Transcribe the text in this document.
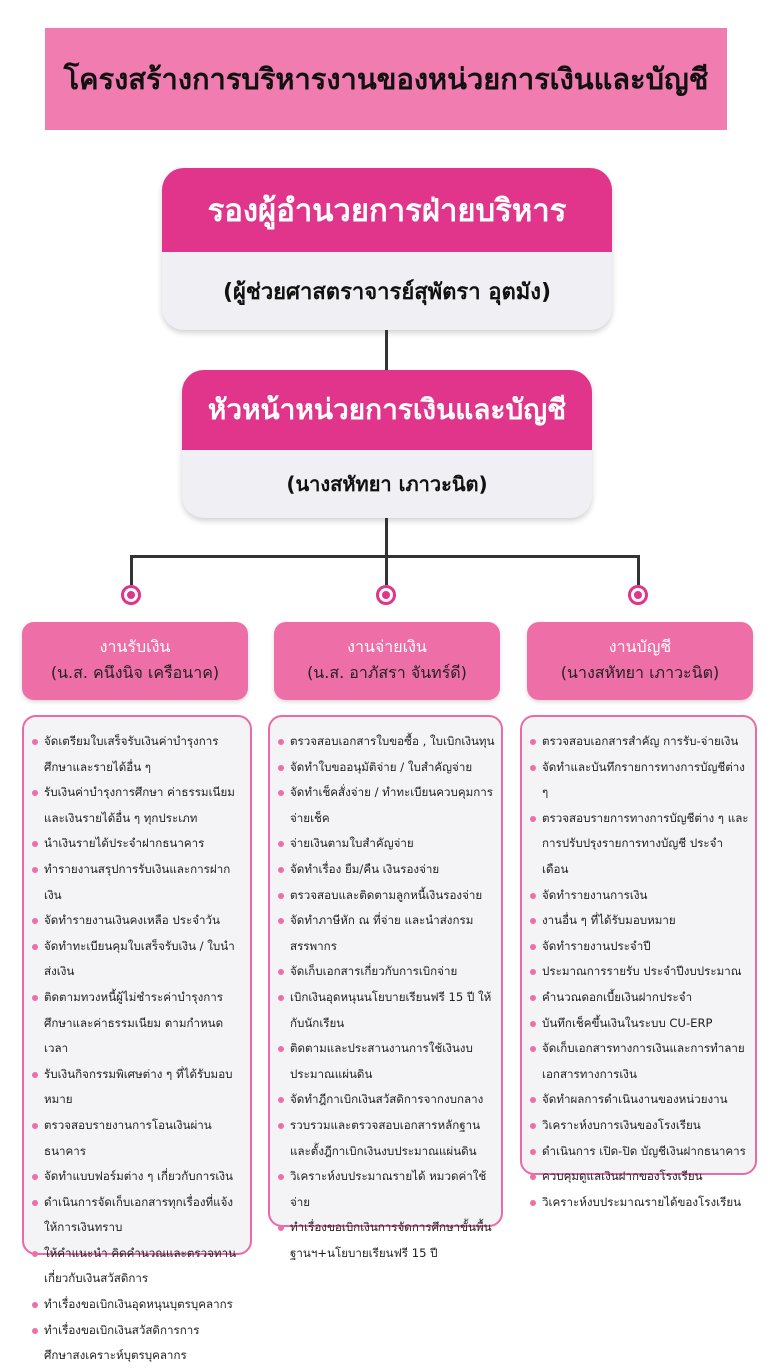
โครงสร้างการบริหารงานของหน่วยการเงินและบัญชี
รองผู้อำนวยการฝ่ายบริหาร
(ผู้ช่วยศาสตราจารย์สุพัตรา อุตมัง)
หัวหน้าหน่วยการเงินและบัญชี
(นางสหัทยา เภาวะนิต)
งานรับเงิน
(น.ส. คนึงนิจ เครือนาค)
งานจ่ายเงิน
(น.ส. อาภัสรา จันทร์ดี)
งานบัญชี
(นางสหัทยา เภาวะนิต)
จัดเตรียมใบเสร็จรับเงินค่าบำรุงการศึกษาและรายได้อื่น ๆ
รับเงินค่าบำรุงการศึกษา ค่าธรรมเนียมและเงินรายได้อื่น ๆ ทุกประเภท
นำเงินรายได้ประจำฝากธนาคาร
ทำรายงานสรุปการรับเงินและการฝากเงิน
จัดทำรายงานเงินคงเหลือ ประจำวัน
จัดทำทะเบียนคุมใบเสร็จรับเงิน / ใบนำส่งเงิน
ติดตามทวงหนี้ผู้ไม่ชำระค่าบำรุงการศึกษาและค่าธรรมเนียม ตามกำหนดเวลา
รับเงินกิจกรรมพิเศษต่าง ๆ ที่ได้รับมอบหมาย
ตรวจสอบรายงานการโอนเงินผ่านธนาคาร
จัดทำแบบฟอร์มต่าง ๆ เกี่ยวกับการเงิน
ดำเนินการจัดเก็บเอกสารทุกเรื่องที่แจ้งให้การเงินทราบ
ให้คำแนะนำ คิดคำนวณและตรวจทานเกี่ยวกับเงินสวัสดิการ
ทำเรื่องขอเบิกเงินอุดหนุนบุตรบุคลากร
ทำเรื่องขอเบิกเงินสวัสดิการการศึกษาสงเคราะห์บุตรบุคลากร
ตรวจสอบเอกสารใบขอซื้อ , ใบเบิกเงินทุน
จัดทำใบขออนุมัติจ่าย / ใบสำคัญจ่าย
จัดทำเช็คสั่งจ่าย / ทำทะเบียนควบคุมการจ่ายเช็ค
จ่ายเงินตามใบสำคัญจ่าย
จัดทำเรื่อง ยืม/คืน เงินรองจ่าย
ตรวจสอบและติดตามลูกหนี้เงินรองจ่าย
จัดทำภาษีหัก ณ ที่จ่าย และนำส่งกรมสรรพากร
จัดเก็บเอกสารเกี่ยวกับการเบิกจ่าย
เบิกเงินอุดหนุนนโยบายเรียนฟรี 15 ปี ให้กับนักเรียน
ติดตามและประสานงานการใช้เงินงบประมาณแผ่นดิน
จัดทำฎีกาเบิกเงินสวัสดิการจากงบกลาง
รวบรวมและตรวจสอบเอกสารหลักฐานและตั้งฎีกาเบิกเงินงบประมาณแผ่นดิน
วิเคราะห์งบประมาณรายได้ หมวดค่าใช้จ่าย
ทำเรื่องขอเบิกเงินการจัดการศึกษาขั้นพื้นฐานฯ+นโยบายเรียนฟรี 15 ปี
ตรวจสอบเอกสารสำคัญ การรับ-จ่ายเงิน
จัดทำและบันทึกรายการทางการบัญชีต่าง ๆ
ตรวจสอบรายการทางการบัญชีต่าง ๆ และการปรับปรุงรายการทางบัญชี ประจำเดือน
จัดทำรายงานการเงิน
งานอื่น ๆ ที่ได้รับมอบหมาย
จัดทำรายงานประจำปี
ประมาณการรายรับ ประจำปีงบประมาณ
คำนวณดอกเบี้ยเงินฝากประจำ
บันทึกเช็คขึ้นเงินในระบบ CU-ERP
จัดเก็บเอกสารทางการเงินและการทำลายเอกสารทางการเงิน
จัดทำผลการดำเนินงานของหน่วยงาน
วิเคราะห์งบการเงินของโรงเรียน
ดำเนินการ เปิด-ปิด บัญชีเงินฝากธนาคาร
ควบคุมดูแลเงินฝากของโรงเรียน
วิเคราะห์งบประมาณรายได้ของโรงเรียน
